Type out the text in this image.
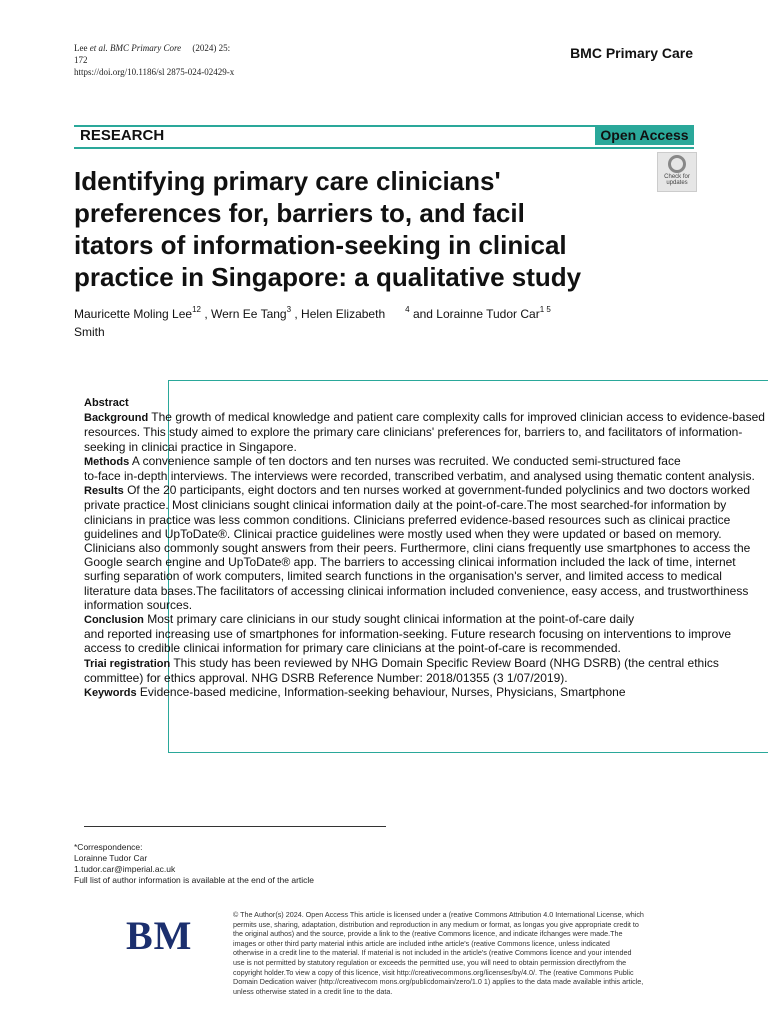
Lee et al. BMC Primary Core (2024) 25:
172
https://doi.org/10.1186/sl 2875-024-02429-x
BMC Primary Care
RESEARCH	Open Access
Check for updates
Identifying primary care clinicians'
preferences for, barriers to, and facil
itators of information-seeking in clinical
practice in Singapore: a qualitative study
Mauricette Moling Lee$^{12}$ , Wern Ee Tang$^3$ , Helen Elizabeth	$^4$ and Lorainne Tudor Car$^{1 5}$
Smith
Abstract
Background The growth of medical knowledge and patient care complexity calls for improved clinician access to evidence-based
resources. This study aimed to explore the primary care clinicians' preferences for, barriers to, and facilitators of information-
seeking in clinicai practice in Singapore.
Methods A convenience sample of ten doctors and ten nurses was recruited. We conducted semi-structured face
to-face in-depth interviews. The interviews were recorded, transcribed verbatim, and analysed using thematic content analysis.
Results Of the 20 participants, eight doctors and ten nurses worked at government-funded polyclinics and two doctors worked
private practice. Most clinicians sought clinicai information daily at the point-of-care.The most searched-for information by
clinicians in practice was less common conditions. Clinicians preferred evidence-based resources such as clinicai practice
guidelines and UpToDate®. Clinicai practice guidelines were mostly used when they were updated or based on memory.
Clinicians also commonly sought answers from their peers. Furthermore, clini cians frequently use smartphones to access the
Google search engine and UpToDate® app. The barriers to accessing clinicai information included the lack of time, internet
surfing separation of work computers, limited search functions in the organisation's server, and limited access to medical
literature data bases.The facilitators of accessing clinicai information included convenience, easy access, and trustworthiness
information sources.
Conclusion Most primary care clinicians in our study sought clinicai information at the point-of-care daily
and reported increasing use of smartphones for information-seeking. Future research focusing on interventions to improve
access to credible clinicai information for primary care clinicians at the point-of-care is recommended.
Triai registration This study has been reviewed by NHG Domain Specific Review Board (NHG DSRB) (the central ethics
committee) for ethics approval. NHG DSRB Reference Number: 2018/01355 (3 1/07/2019).
Keywords Evidence-based medicine, Information-seeking behaviour, Nurses, Physicians, Smartphone
*Correspondence:
Lorainne Tudor Car
1.tudor.car@imperial.ac.uk
Full list of author information is available at the end of the article
BM	© The Author(s) 2024. Open Access This article is licensed under a (reative Commons Attribution 4.0 International License, which
permits use, sharing, adaptation, distribution and reproduction in any medium or format, as longas you give appropriate credit to
the original authos) and the source, provide a link to the (reative Commons licence, and indicate ifchanges were made.The
images or other third party material inthis article are included inthe article's (reative Commons licence, unless indicated
otherwise in a credit line to the material. If material is not included in the article's (reative Commons licence and your intended
use is not permitted by statutory regulation or exceeds the permitted use, you will need to obtain permission directlyfrom the
copyright holder.To view a copy of this licence, visit http://creativecommons.org/licenses/by/4.0/. The (reative Commons Public
Domain Dedication waiver (http://creativecom mons.org/publicdomain/zero/1.0 1) applies to the data made available inthis article,
unless otherwise stated in a credit line to the data.
